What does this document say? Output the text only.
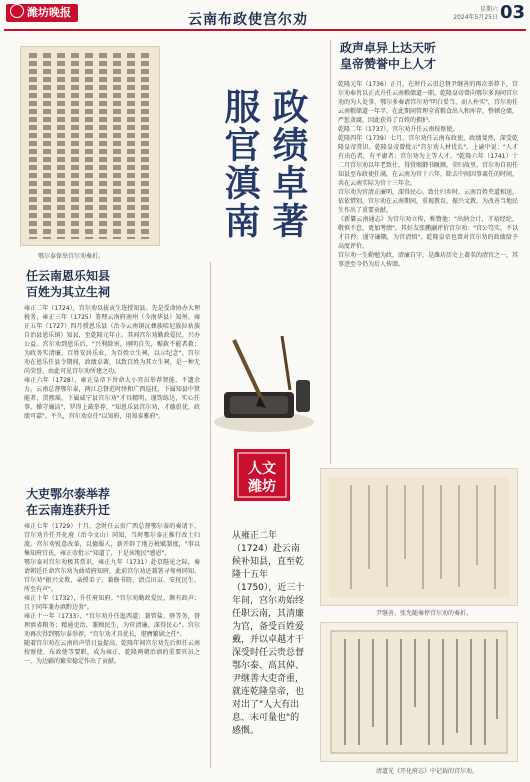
潍坊晚报	云南布政使宫尔劝
星期六
2024年5月25日 03
鄂尔泰保举宫尔劝奏折。
政绩卓著
服官滇南
政声卓异上达天听
皇帝赞誉中上人才
乾隆元年（1736）正月，在时任云贵总督尹继善的再次举荐下，宫尔劝奉旨以正式升任云南粮储道一职。乾隆皇帝曾向鄂尔多询问宫尔劝的为人处事，鄂尔多奏请宫尔劝"明白妥当，而人朴实"，宫尔劝任云南粮储道一年半，在此期间管理全省粮食出入和库存，整顿仓储，严惩贪腐，因此获得了百姓的拥护。
乾隆二年（1737），宫尔劝升任云南按察使。
乾隆四年（1739）七月，宫尔劝任云南布政使，政绩斐然，深受乾隆皇帝赏识。乾隆皇帝曾批示"宫尔劝人材优长"，上谕中说："人才有出色者，有平庸者；宫尔劝为上等人才。"乾隆六年（1741）十二月宫尔劝以年老致仕，得赏赐御书匾额，荣归故里。宫尔劝自初任知县至布政使任满，在云南为官十六年，除去中间因事离任的时间，共在云南实际为官十三年余。
宫尔劝为官清正廉明，深得民心。致仕归乡时，云南百姓夹道相送，依依惜别。宫尔劝在云南期间，重视教育，振兴文教，为改善当地民生作出了重要贡献。
《新纂云南通志》为宫尔劝立传，称赞他："出纳会计，才裕经纶，敬慎不怠，更加考绩"。其好友张鹏翮评价宫尔劝："宫公笃实，不以才自矜；谨守廉隅，为官清慎"。乾隆皇帝也曾对宫尔劝的政绩给予高度评价。
宫尔劝一生勤勉为政，清廉自守，是潍坊历史上著名的清官之一，其事迹至今仍为后人传颂。
任云南恩乐知县
百姓为其立生祠
雍正二年（1724），宫尔劝以拔贡生选授知县。先是受命协办大理税务，雍正三年（1725）署理云南府南州（今南华县）知州。雍正五年（1727）四月授恩乐县（治今云南镇沅彝族哈尼族拉祜族自治县恩乐镇）知县，至乾隆元年止。其间宫尔劝勤政爱民，兴办公益。宫尔劝到恩乐后，"兴利除害，刚明自矢，赈救不能者救；为政务实清廉，百姓安居乐业，为百姓立生祠，以示纪念"。宫尔劝在恩乐任县令期间，政绩卓著，以致百姓为其立生祠，是一种无尚荣誉，由此可见宫尔劝所建之功。
雍正六年（1728），雍正皇帝下旨命大小官员举荐贤能，不遗余力。云南总督鄂尔泰，两江总督范时绎和广西巡抚，下属知县中贤能者，贯熙瑶，下属威宁县宫尔劝"才具精明，谨饬练达，实心任事，操守廉洁"，罗得上疏举荐，"知恩乐县宫尔劝，才德俱优，政绩可嘉"。不久，宫尔劝卓任"以知府，用知泰雅府"。
大吏鄂尔泰举荐
在云南连获升迁
雍正七年（1729）十月，念时任云贵广西总督鄂尔泰的奏请下，宫尔劝升任开化府（治今文山）同知，当时鄂尔泰正推行改土归流。宫尔劝锐意改革，以德服人，新开辟了地方税赋制度，"事以集知府宫氏，雍正帝批示"知道了，于是该地民"感恩"。
鄂尔泰对宫尔劝极其赏识，雍正九年（1731）赴京陛见之际，奏请朝廷任命宫尔劝为曲靖府知府，此前宫尔劝还兼署寻甸州同知。宫尔劝"振兴文教，亲授弟子，兼修书院、清点田亩、安抚民生，所至有声"。
雍正十年（1732），升任府知府。"宫尔劝勤政爱民，颇有政声；且于同年兼办滇黔边务"。
雍正十一年（1733），"宫尔劝升任迤西道；兼管盐、驿等务，督理滇省粮务；精通吏治，兼顾民生，为官清廉，深得民心"。宫尔劝再次得到鄂尔泰举荐，"宫尔劝才具优长，堪膺繁剧之任"。
随着宫尔劝在云南的声望日益提高，乾隆年间宫尔劝先后担任云南按察使、布政使等要职，成为雍正、乾隆两朝治滇的重要官员之一，为边疆的繁荣稳定作出了贡献。
人文
潍坊
从雍正二年（1724）赴云南候补知县，直至乾隆十五年（1750），近三十年间，宫尔劝始终任职云南，其清廉为官，备受百姓爱戴，并以卓越才干深受时任云贵总督鄂尔泰、高其倬、尹继善大吏奇重，就连乾隆皇帝，也对出了"人大有出息、未可量也"的感慨。
尹继善、张允随奏停宫尔劝的奏折。
清道光《开化府志》中记载的宫尔劝。
